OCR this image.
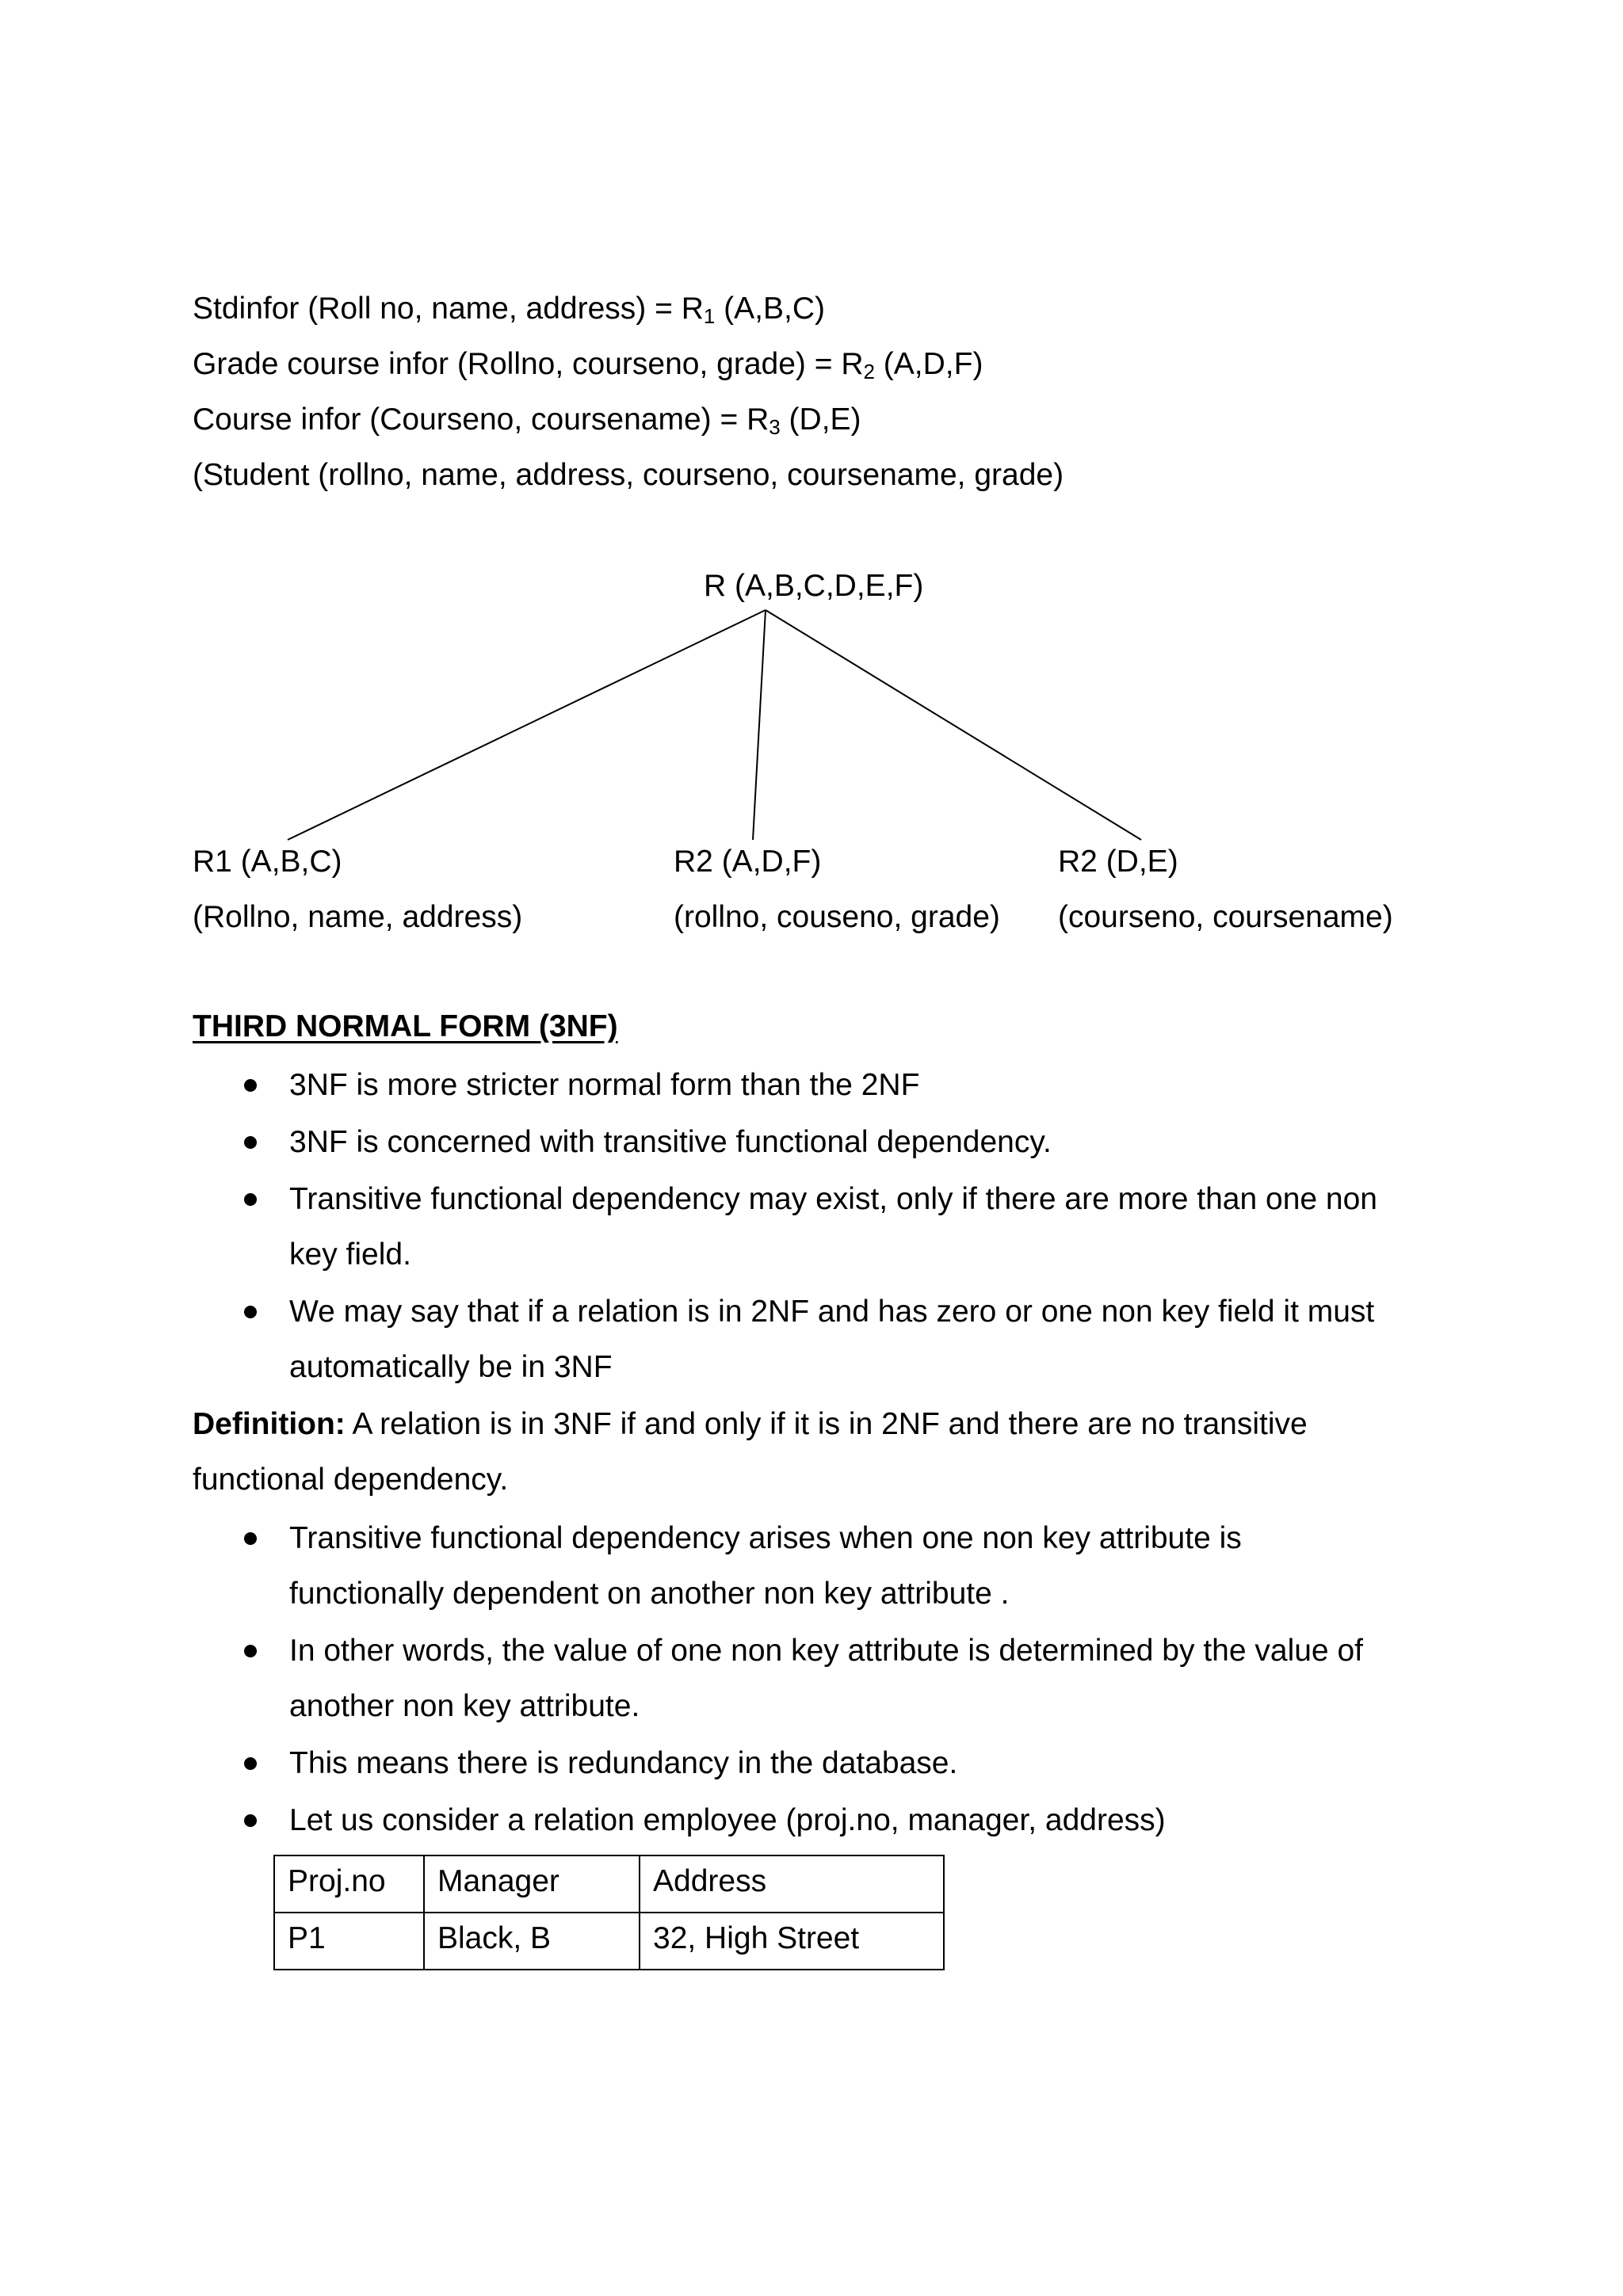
Stdinfor (Roll no, name, address) = $R_1$ (A,B,C)
Grade course infor (Rollno, courseno, grade) = $R_2$ (A,D,F)
Course infor (Courseno, coursename) = $R_3$ (D,E)
(Student (rollno, name, address, courseno, coursename, grade)
R (A,B,C,D,E,F)
R1 (A,B,C)
(Rollno, name, address)
R2 (A,D,F)
(rollno, couseno, grade)
R2 (D,E)
(courseno, coursename)
THIRD NORMAL FORM (3NF)
3NF is more stricter normal form than the 2NF
3NF is concerned with transitive functional dependency.
Transitive functional dependency may exist, only if there are more than one non
key field.
We may say that if a relation is in 2NF and has zero or one non key field it must
automatically be in 3NF
Definition: A relation is in 3NF if and only if it is in 2NF and there are no transitive
functional dependency.
Transitive functional dependency arises when one non key attribute is
functionally dependent on another non key attribute .
In other words, the value of one non key attribute is determined by the value of
another non key attribute.
This means there is redundancy in the database.
Let us consider a relation employee (proj.no, manager, address)
Proj.no	Manager	Address
P1	Black, B	32, High Street
